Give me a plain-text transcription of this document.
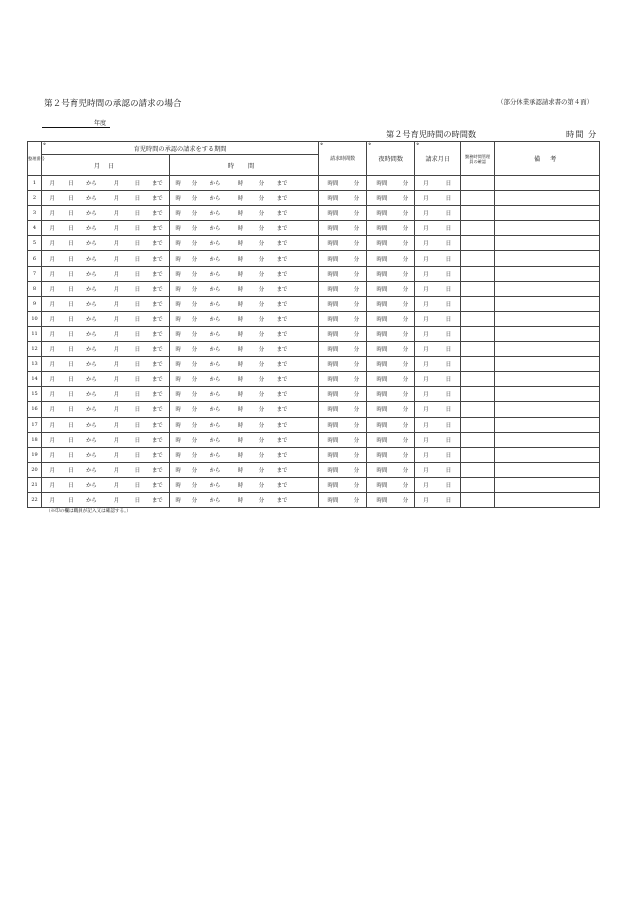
第２号育児時間の承認の請求の場合	（部分休業承認請求書の第４面）
年度
第２号育児時間の時間数	時間 分
整理番号	※
育児時間の承認の請求をする期間													※
請求時間数		※
夜時間数		※
請求月日		勤務時間管理員の確認	備 考
	月 日						時 間														
1	月	日	から	月	日	まで	時	分	から	時	分	まで		時間	分	時間	分	月	日		
2	月	日	から	月	日	まで	時	分	から	時	分	まで		時間	分	時間	分	月	日		
3	月	日	から	月	日	まで	時	分	から	時	分	まで		時間	分	時間	分	月	日		
4	月	日	から	月	日	まで	時	分	から	時	分	まで		時間	分	時間	分	月	日		
5	月	日	から	月	日	まで	時	分	から	時	分	まで		時間	分	時間	分	月	日		
6	月	日	から	月	日	まで	時	分	から	時	分	まで		時間	分	時間	分	月	日		
7	月	日	から	月	日	まで	時	分	から	時	分	まで		時間	分	時間	分	月	日		
8	月	日	から	月	日	まで	時	分	から	時	分	まで		時間	分	時間	分	月	日		
9	月	日	から	月	日	まで	時	分	から	時	分	まで		時間	分	時間	分	月	日		
10	月	日	から	月	日	まで	時	分	から	時	分	まで		時間	分	時間	分	月	日		
11	月	日	から	月	日	まで	時	分	から	時	分	まで		時間	分	時間	分	月	日		
12	月	日	から	月	日	まで	時	分	から	時	分	まで		時間	分	時間	分	月	日		
13	月	日	から	月	日	まで	時	分	から	時	分	まで		時間	分	時間	分	月	日		
14	月	日	から	月	日	まで	時	分	から	時	分	まで		時間	分	時間	分	月	日		
15	月	日	から	月	日	まで	時	分	から	時	分	まで		時間	分	時間	分	月	日		
16	月	日	から	月	日	まで	時	分	から	時	分	まで		時間	分	時間	分	月	日		
17	月	日	から	月	日	まで	時	分	から	時	分	まで		時間	分	時間	分	月	日		
18	月	日	から	月	日	まで	時	分	から	時	分	まで		時間	分	時間	分	月	日		
19	月	日	から	月	日	まで	時	分	から	時	分	まで		時間	分	時間	分	月	日		
20	月	日	から	月	日	まで	時	分	から	時	分	まで		時間	分	時間	分	月	日		
21	月	日	から	月	日	まで	時	分	から	時	分	まで		時間	分	時間	分	月	日		
22	月	日	から	月	日	まで	時	分	から	時	分	まで		時間	分	時間	分	月	日		
（※印の欄は職員が記入又は確認する。）
